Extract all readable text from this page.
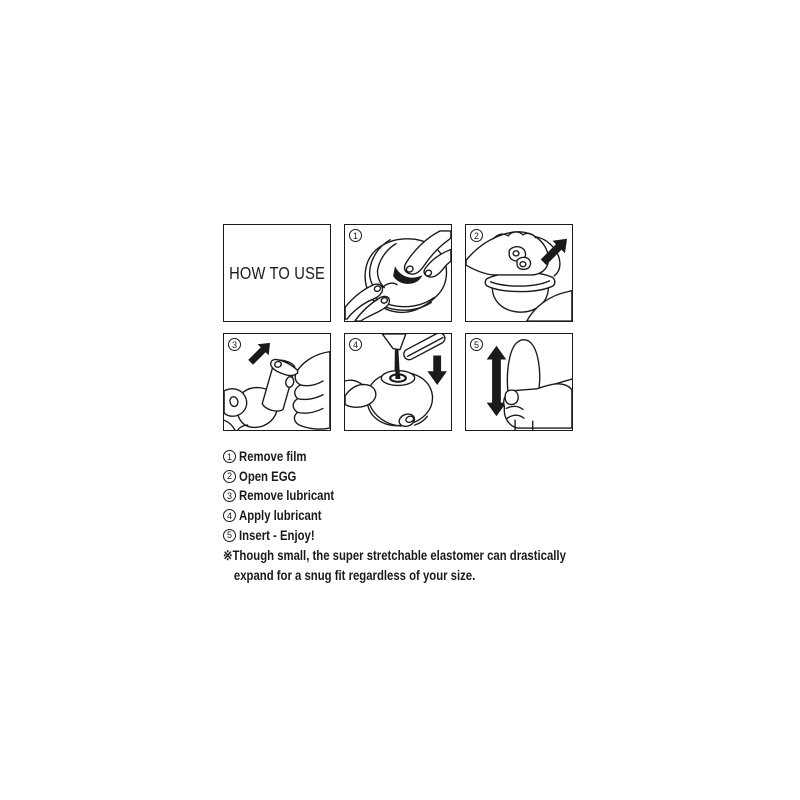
HOW TO USE
1	2
3	4	5
1 Remove film
2 Open EGG
3 Remove lubricant
4 Apply lubricant
5 Insert - Enjoy!
※Though small, the super stretchable elastomer can drastically
expand for a snug fit regardless of your size.
